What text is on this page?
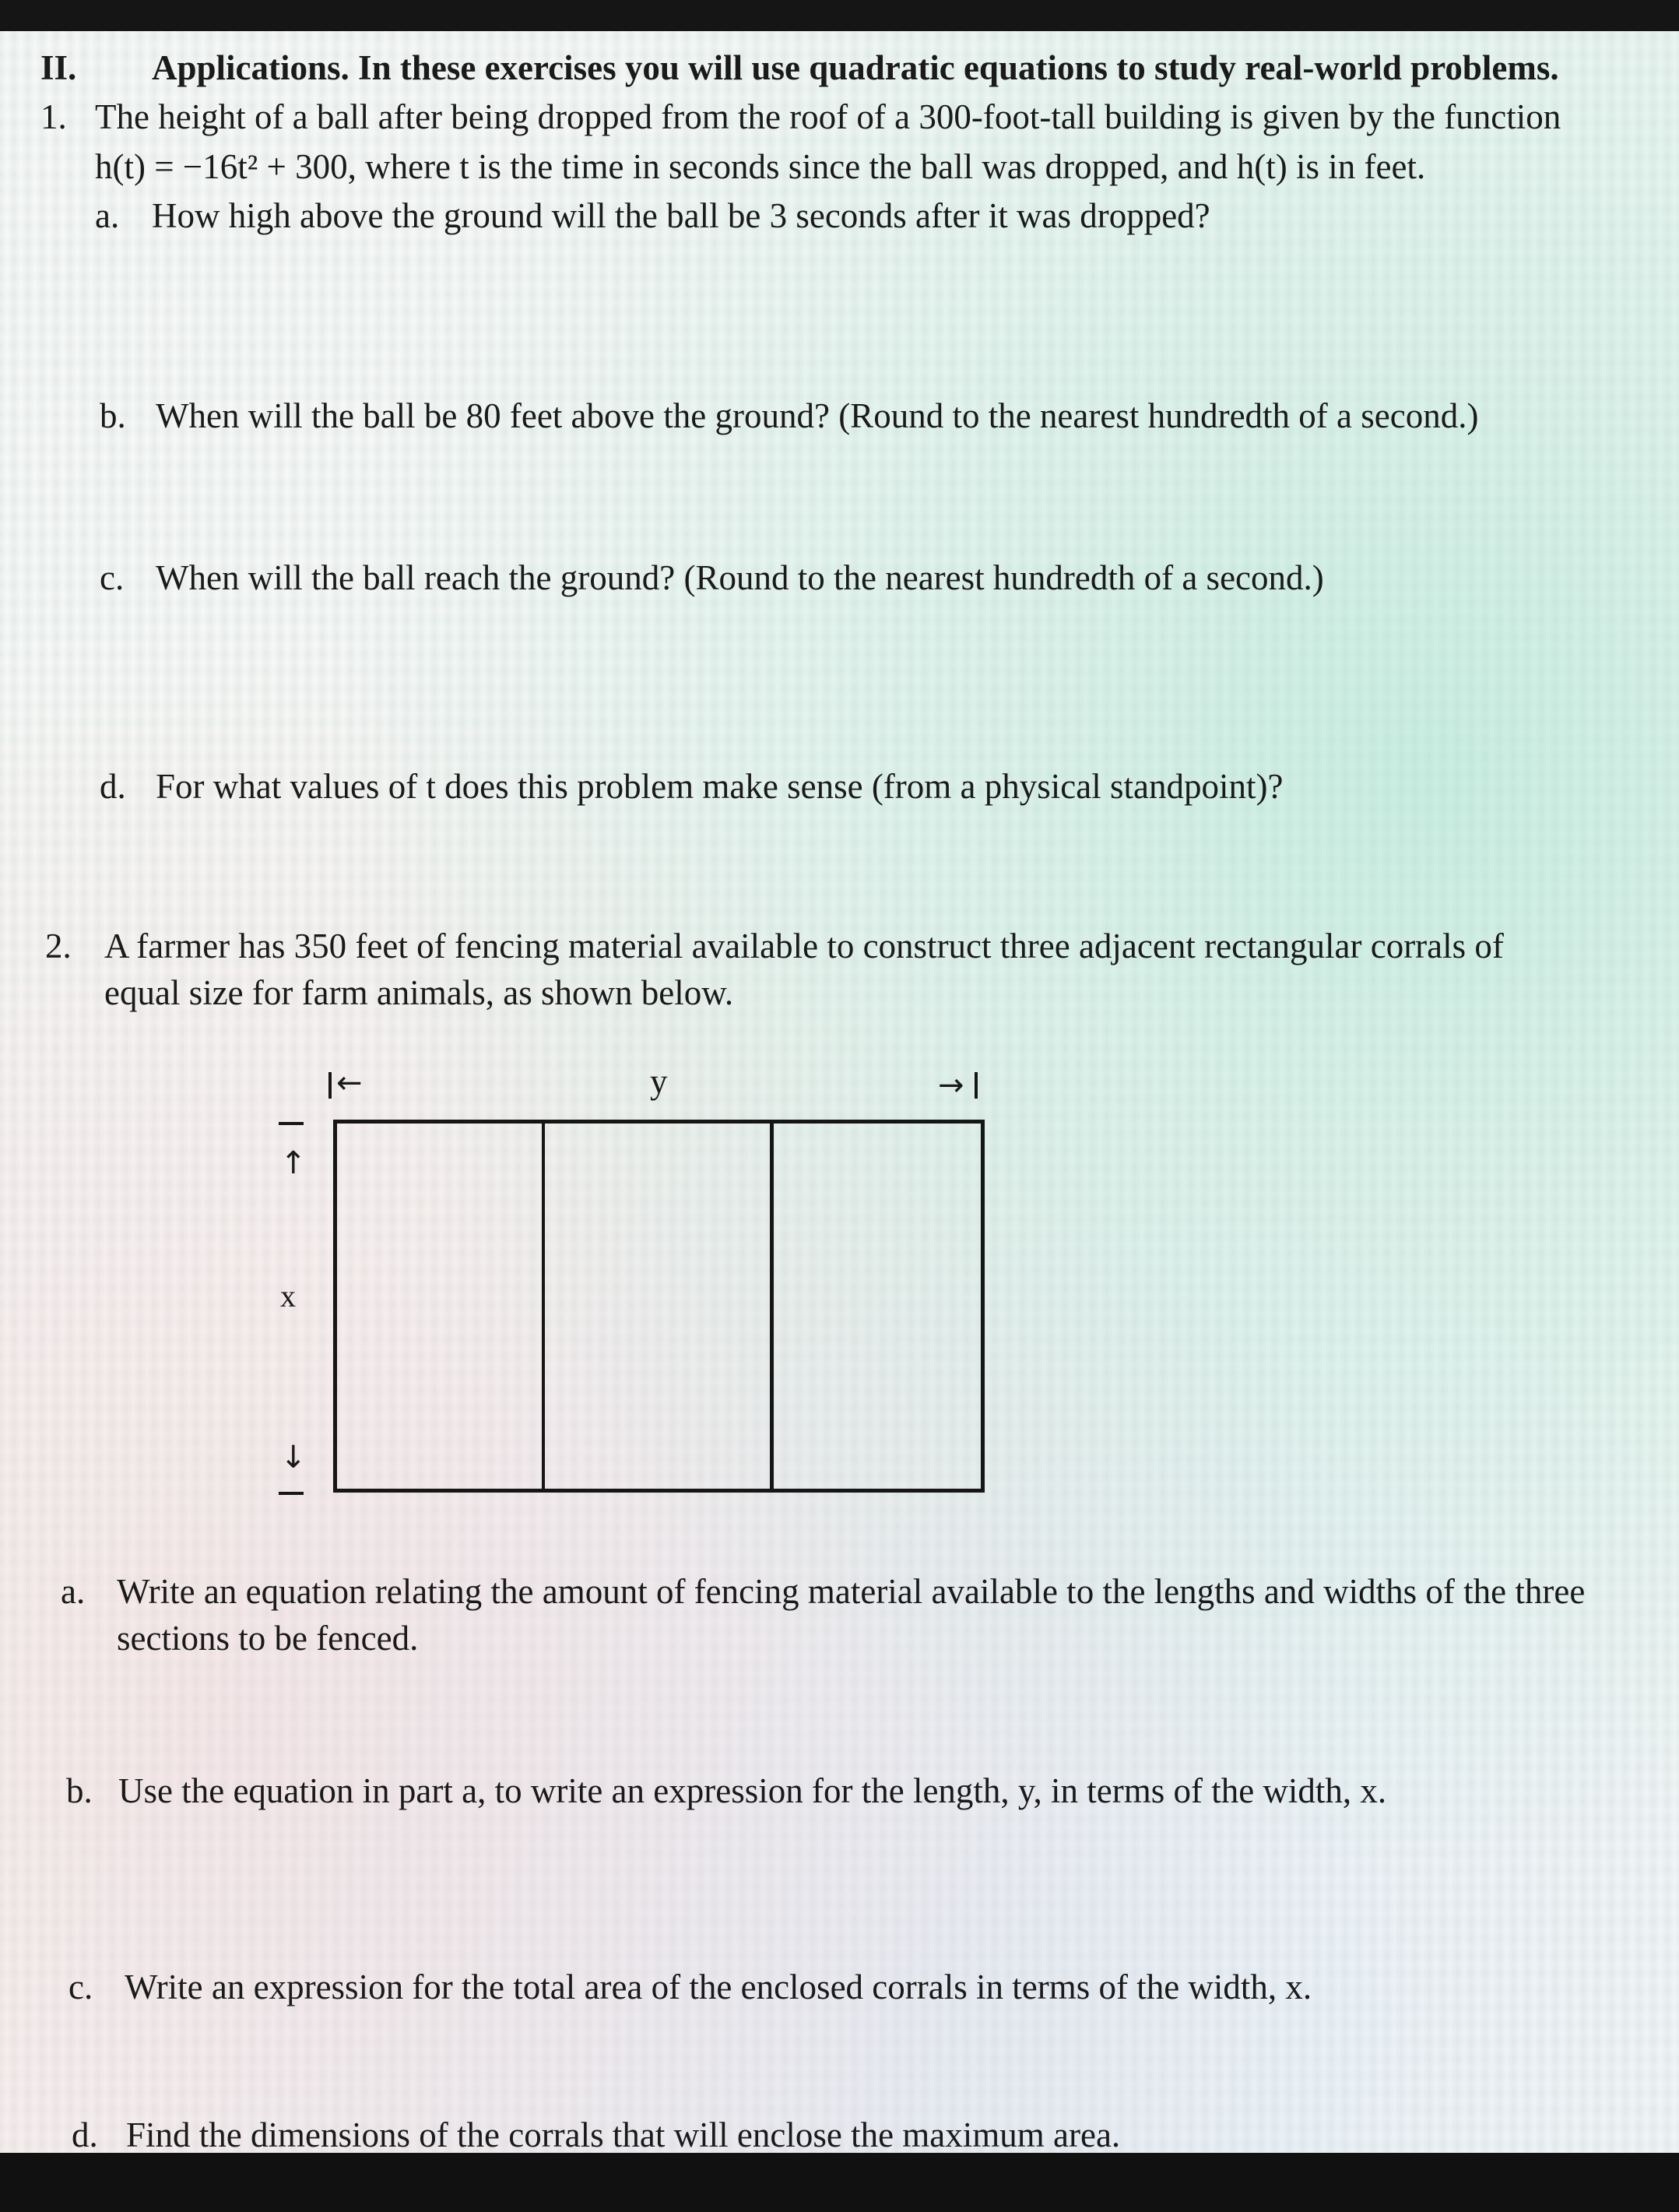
II. Applications. In these exercises you will use quadratic equations to study real-world problems.
1. The height of a ball after being dropped from the roof of a 300-foot-tall building is given by the function
h(t) = −16t² + 300, where t is the time in seconds since the ball was dropped, and h(t) is in feet.
a. How high above the ground will the ball be 3 seconds after it was dropped?
b. When will the ball be 80 feet above the ground? (Round to the nearest hundredth of a second.)
c. When will the ball reach the ground? (Round to the nearest hundredth of a second.)
d. For what values of t does this problem make sense (from a physical standpoint)?
2. A farmer has 350 feet of fencing material available to construct three adjacent rectangular corrals of
equal size for farm animals, as shown below.
←	y	→
↑
x
↓
a. Write an equation relating the amount of fencing material available to the lengths and widths of the three
sections to be fenced.
b. Use the equation in part a, to write an expression for the length, y, in terms of the width, x.
c. Write an expression for the total area of the enclosed corrals in terms of the width, x.
d. Find the dimensions of the corrals that will enclose the maximum area.
